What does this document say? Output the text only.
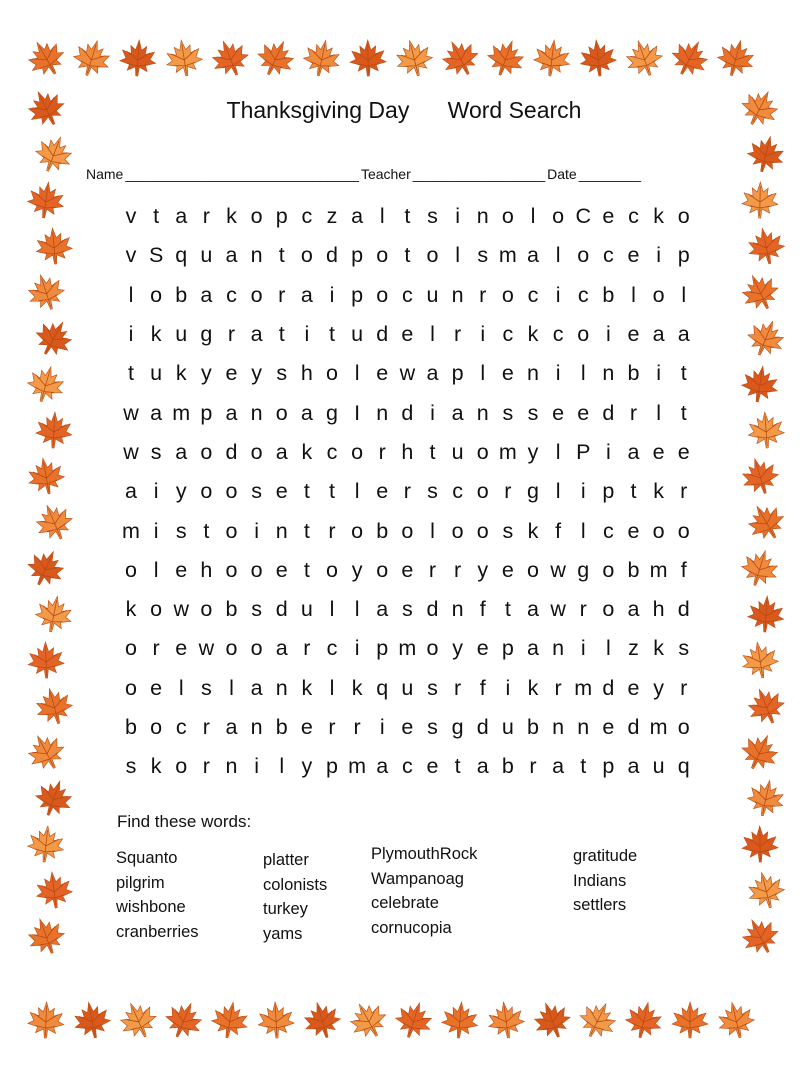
Thanksgiving Day      Word Search
Name ______________________________ Teacher _________________ Date ________
v t a r k o p c z a l t s i n o l o C e c k o
v S q u a n t o d p o t o l s m a l o c e i p
l o b a c o r a i p o c u n r o c i c b l o l
i k u g r a t i t u d e l r i c k c o i e a a
t u k y e y s h o l e w a p l e n i l n b i t
w a m p a n o a g I n d i a n s s e e d r l t
w s a o d o a k c o r h t u o m y l P i a e e
a i y o o s e t t l e r s c o r g l i p t k r
m i s t o i n t r o b o l o o s k f l c e o o
o l e h o o e t o y o e r r y e o w g o b m f
k o w o b s d u l l a s d n f t a w r o a h d
o r e w o o a r c i p m o y e p a n i l z k s
o e l s l a n k l k q u s r f i k r m d e y r
b o c r a n b e r r i e s g d u b n n e d m o
s k o r n i l y p m a c e t a b r a t p a u q
Find these words:
Squanto
pilgrim
wishbone
cranberries
platter
colonists
turkey
yams
PlymouthRock
Wampanoag
celebrate
cornucopia
gratitude
Indians
settlers
